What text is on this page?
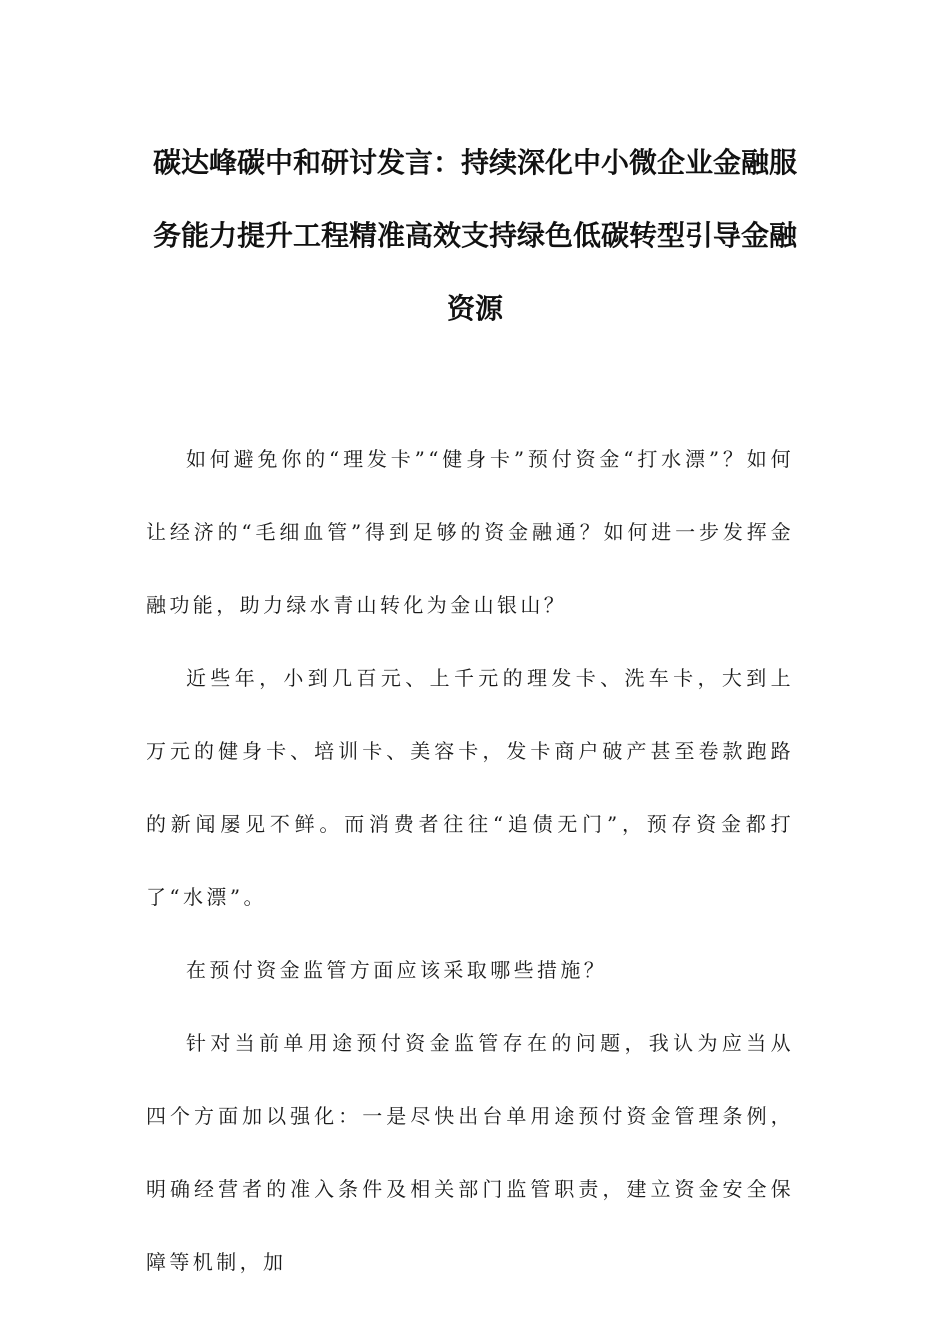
碳达峰碳中和研讨发言：持续深化中小微企业金融服
务能力提升工程精准高效支持绿色低碳转型引导金融
资源

如何避免你的“理发卡”“健身卡”预付资金“打水漂”？如何让经济的“毛细血管”得到足够的资金融通？如何进一步发挥金融功能，助力绿水青山转化为金山银山？

近些年，小到几百元、上千元的理发卡、洗车卡，大到上万元的健身卡、培训卡、美容卡，发卡商户破产甚至卷款跑路的新闻屡见不鲜。而消费者往往“追债无门”，预存资金都打了“水漂”。

在预付资金监管方面应该采取哪些措施？

针对当前单用途预付资金监管存在的问题，我认为应当从四个方面加以强化：一是尽快出台单用途预付资金管理条例，明确经营者的准入条件及相关部门监管职责，建立资金安全保障等机制，加
